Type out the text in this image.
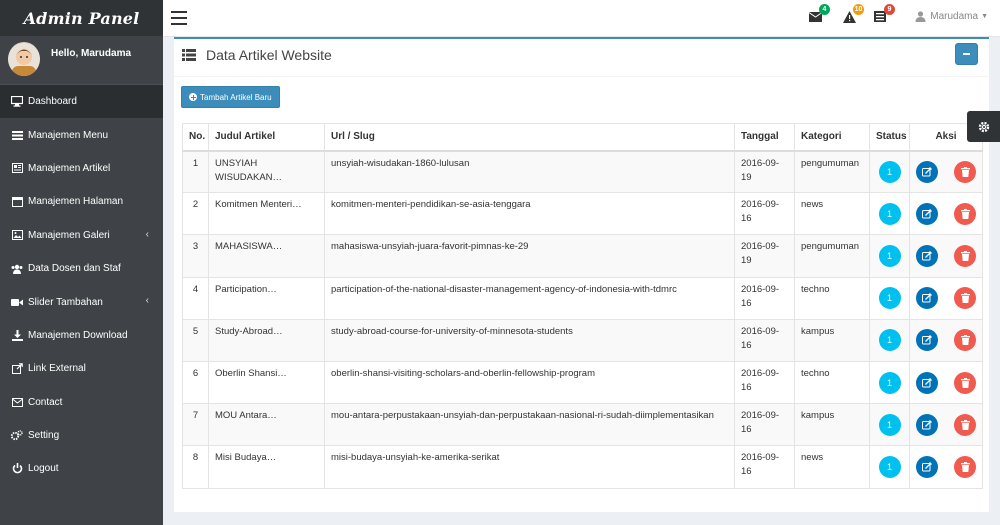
Admin Panel
Hello, Marudama
Dashboard
Manajemen Menu
Manajemen Artikel
Manajemen Halaman
Manajemen Galeri	‹
Data Dosen dan Staf
Slider Tambahan	‹
Manajemen Download
Link External
Contact
Setting
Logout
4	10	9
Marudama ▼
Data Artikel Website
Tambah Artikel Baru
No.	Judul Artikel	Url / Slug	Tanggal	Kategori	Status	Aksi
1	UNSYIAH WISUDAKAN…	unsyiah-wisudakan-1860-lulusan	2016-09-19	pengumuman	1	

2	Komitmen Menteri…	komitmen-menteri-pendidikan-se-asia-tenggara	2016-09-16	news	1	

3	MAHASISWA…	mahasiswa-unsyiah-juara-favorit-pimnas-ke-29	2016-09-19	pengumuman	1	

4	Participation…	participation-of-the-national-disaster-management-agency-of-indonesia-with-tdmrc	2016-09-16	techno	1	

5	Study-Abroad…	study-abroad-course-for-university-of-minnesota-students	2016-09-16	kampus	1	

6	Oberlin Shansi…	oberlin-shansi-visiting-scholars-and-oberlin-fellowship-program	2016-09-16	techno	1	

7	MOU Antara…	mou-antara-perpustakaan-unsyiah-dan-perpustakaan-nasional-ri-sudah-diimplementasikan	2016-09-16	kampus	1	

8	Misi Budaya…	misi-budaya-unsyiah-ke-amerika-serikat	2016-09-16	news	1	
